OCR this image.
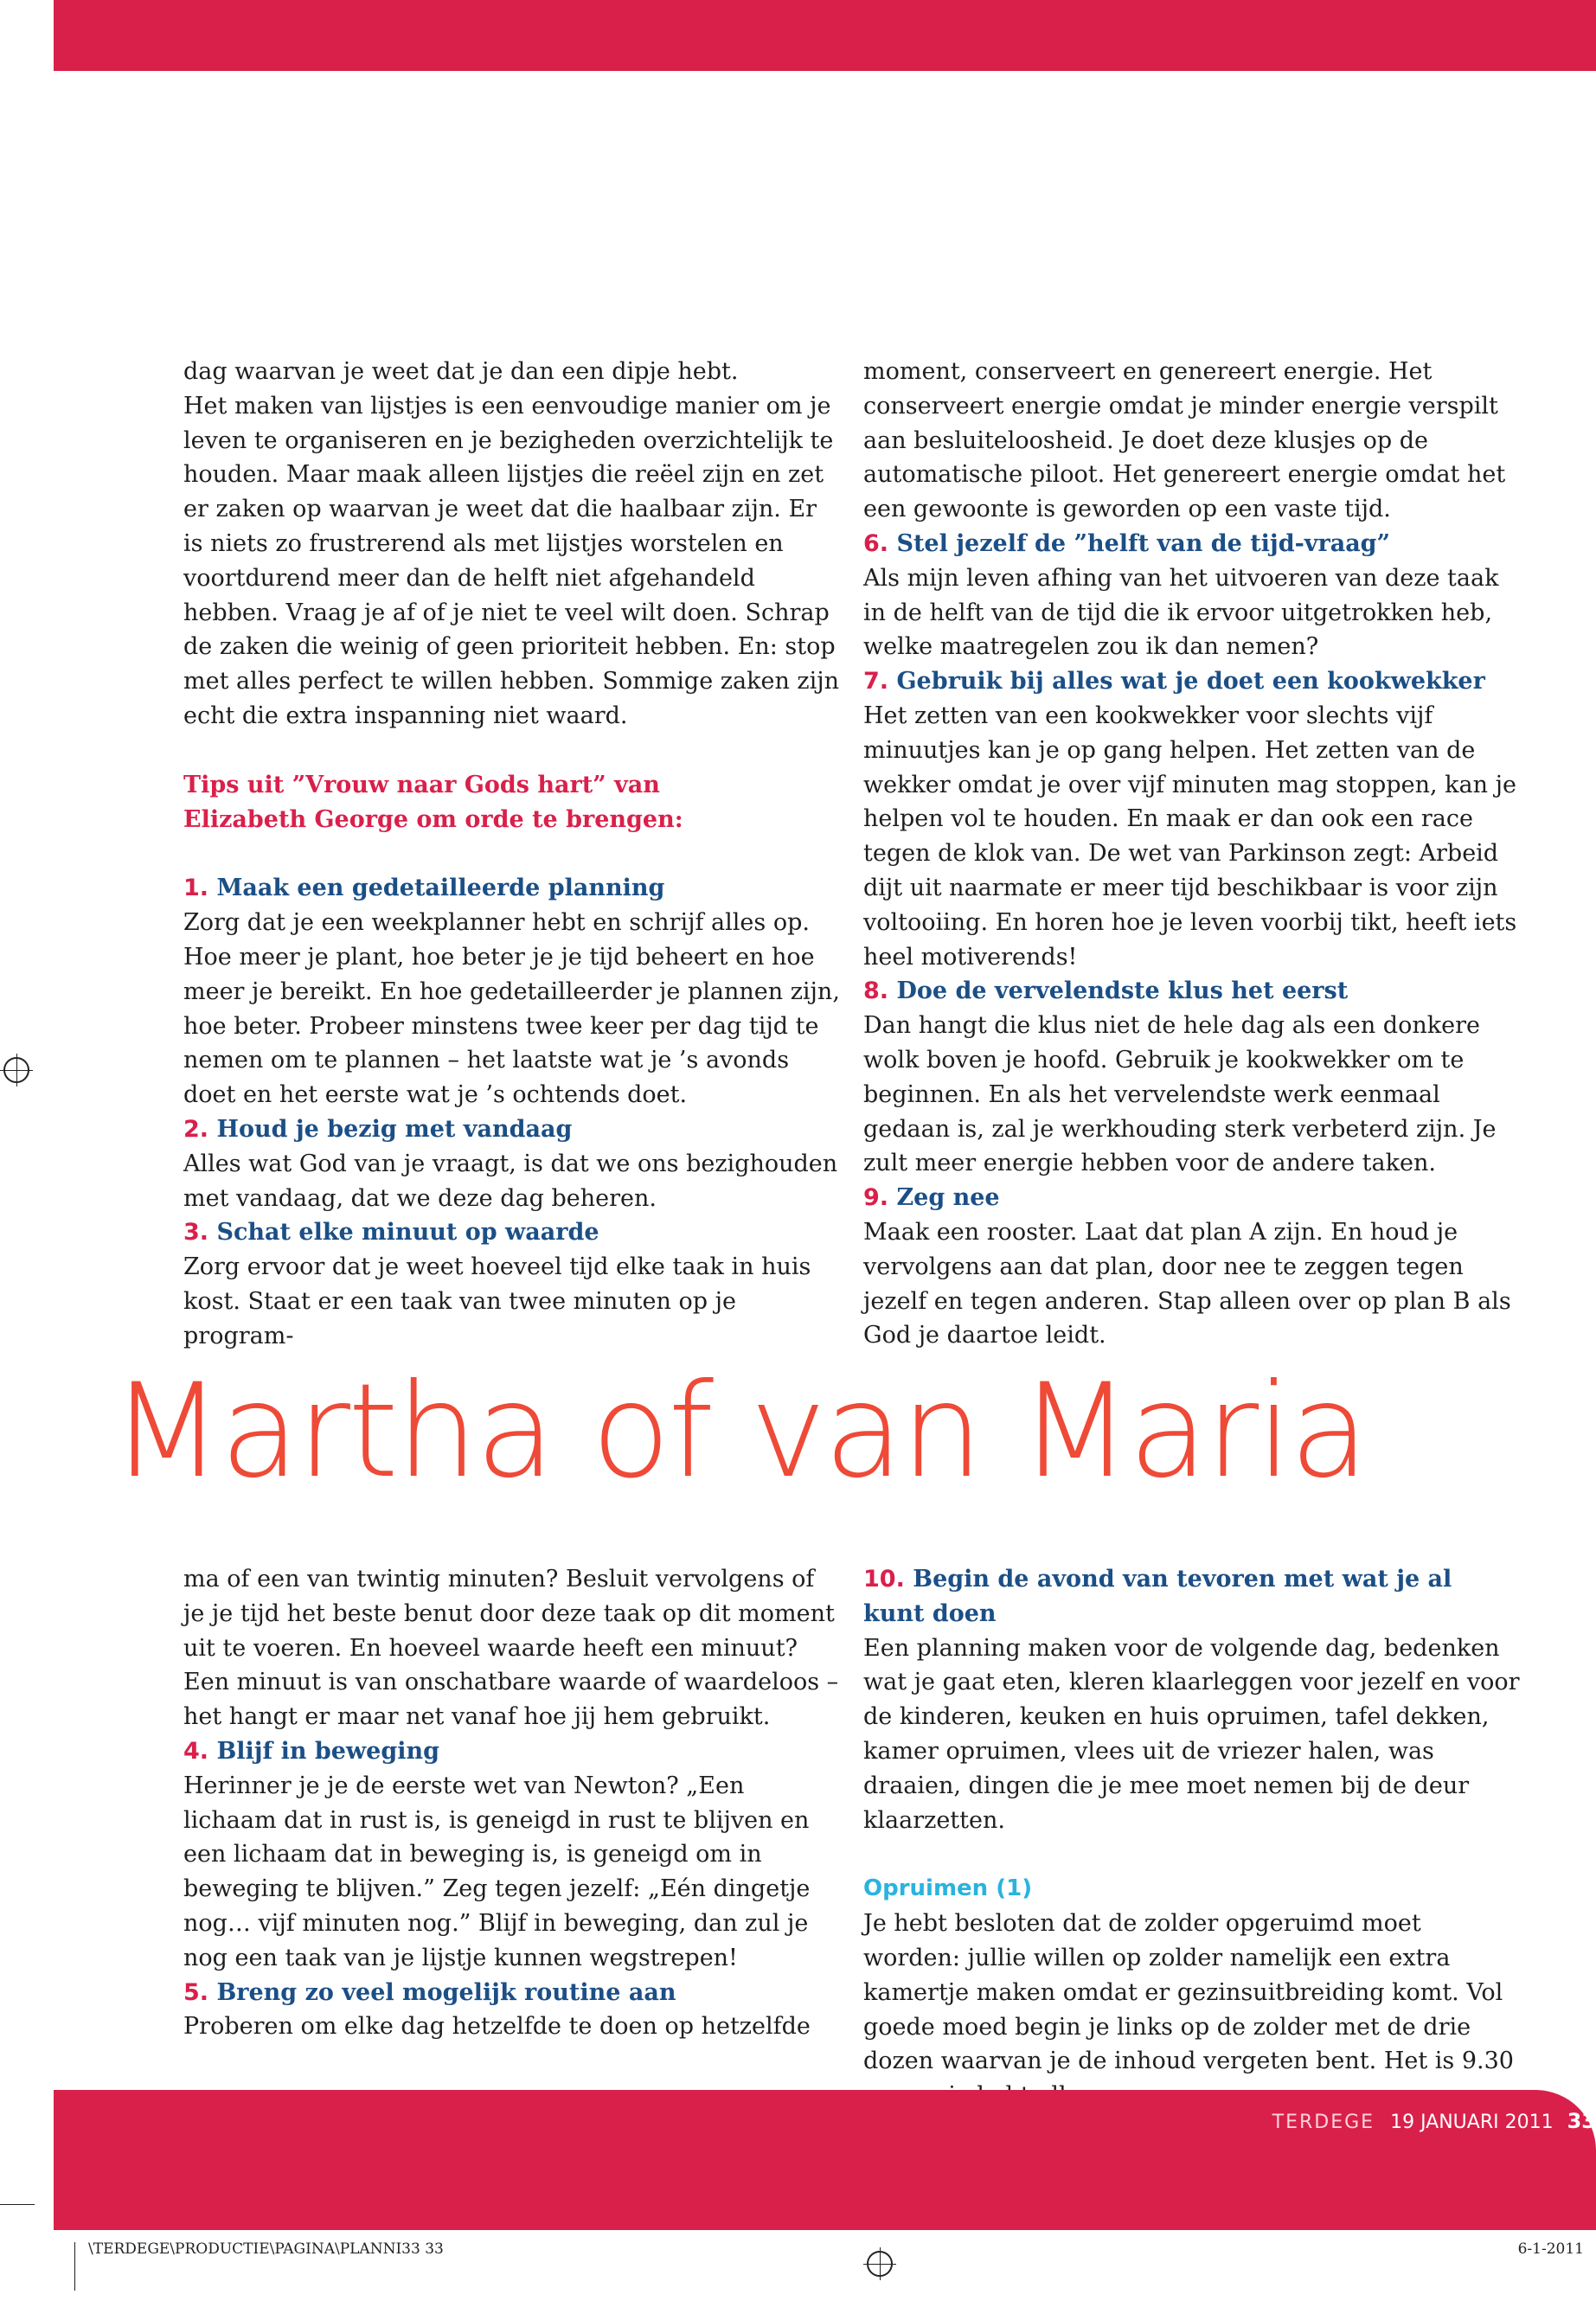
dag waarvan je weet dat je dan een dipje hebt.

Het maken van lijstjes is een eenvoudige manier om je leven te organiseren en je bezigheden overzichtelijk te houden. Maar maak alleen lijstjes die reëel zijn en zet er zaken op waarvan je weet dat die haalbaar zijn. Er is niets zo frustrerend als met lijstjes worstelen en voortdurend meer dan de helft niet afgehandeld hebben. Vraag je af of je niet te veel wilt doen. Schrap de zaken die weinig of geen prioriteit hebben. En: stop met alles perfect te willen hebben. Sommige zaken zijn echt die extra inspanning niet waard.

Tips uit ”Vrouw naar Gods hart” van Elizabeth George om orde te brengen:

1. Maak een gedetailleerde planning

Zorg dat je een weekplanner hebt en schrijf alles op. Hoe meer je plant, hoe beter je je tijd beheert en hoe meer je bereikt. En hoe gedetailleerder je plannen zijn, hoe beter. Probeer minstens twee keer per dag tijd te nemen om te plannen – het laatste wat je ’s avonds doet en het eerste wat je ’s ochtends doet.

2. Houd je bezig met vandaag

Alles wat God van je vraagt, is dat we ons bezighouden met vandaag, dat we deze dag beheren.

3. Schat elke minuut op waarde

Zorg ervoor dat je weet hoeveel tijd elke taak in huis kost. Staat er een taak van twee minuten op je program-

moment, conserveert en genereert energie. Het conserveert energie omdat je minder energie verspilt aan besluiteloosheid. Je doet deze klusjes op de automatische piloot. Het genereert energie omdat het een gewoonte is geworden op een vaste tijd.

6. Stel jezelf de ”helft van de tijd-vraag”

Als mijn leven afhing van het uitvoeren van deze taak in de helft van de tijd die ik ervoor uitgetrokken heb, welke maatregelen zou ik dan nemen?

7. Gebruik bij alles wat je doet een kookwekker

Het zetten van een kookwekker voor slechts vijf minuutjes kan je op gang helpen. Het zetten van de wekker omdat je over vijf minuten mag stoppen, kan je helpen vol te houden. En maak er dan ook een race tegen de klok van. De wet van Parkinson zegt: Arbeid dijt uit naarmate er meer tijd beschikbaar is voor zijn voltooiing. En horen hoe je leven voorbij tikt, heeft iets heel motiverends!

8. Doe de vervelendste klus het eerst

Dan hangt die klus niet de hele dag als een donkere wolk boven je hoofd. Gebruik je kookwekker om te beginnen. En als het vervelendste werk eenmaal gedaan is, zal je werkhouding sterk verbeterd zijn. Je zult meer energie hebben voor de andere taken.

9. Zeg nee

Maak een rooster. Laat dat plan A zijn. En houd je vervolgens aan dat plan, door nee te zeggen tegen jezelf en tegen anderen. Stap alleen over op plan B als God je daartoe leidt.

Martha of van Maria

ma of een van twintig minuten? Besluit vervolgens of je je tijd het beste benut door deze taak op dit moment uit te voeren. En hoeveel waarde heeft een minuut? Een minuut is van onschatbare waarde of waardeloos – het hangt er maar net vanaf hoe jij hem gebruikt.

4. Blijf in beweging

Herinner je je de eerste wet van Newton? „Een lichaam dat in rust is, is geneigd in rust te blijven en een lichaam dat in beweging is, is geneigd om in beweging te blijven.” Zeg tegen jezelf: „Eén dingetje nog… vijf minuten nog.” Blijf in beweging, dan zul je nog een taak van je lijstje kunnen wegstrepen!

5. Breng zo veel mogelijk routine aan

Proberen om elke dag hetzelfde te doen op hetzelfde

10. Begin de avond van tevoren met wat je al kunt doen

Een planning maken voor de volgende dag, bedenken wat je gaat eten, kleren klaarleggen voor jezelf en voor de kinderen, keuken en huis opruimen, tafel dekken, kamer opruimen, vlees uit de vriezer halen, was draaien, dingen die je mee moet nemen bij de deur klaarzetten.

Opruimen (1)

Je hebt besloten dat de zolder opgeruimd moet worden: jullie willen op zolder namelijk een extra kamertje maken omdat er gezinsuitbreiding komt. Vol goede moed begin je links op de zolder met de drie dozen waarvan je de inhoud vergeten bent. Het is 9.30

TERDEGE 19 JANUARI 2011 33
\TERDEGE\PRODUCTIE\PAGINA\PLANNI33 33	6-1-2011
